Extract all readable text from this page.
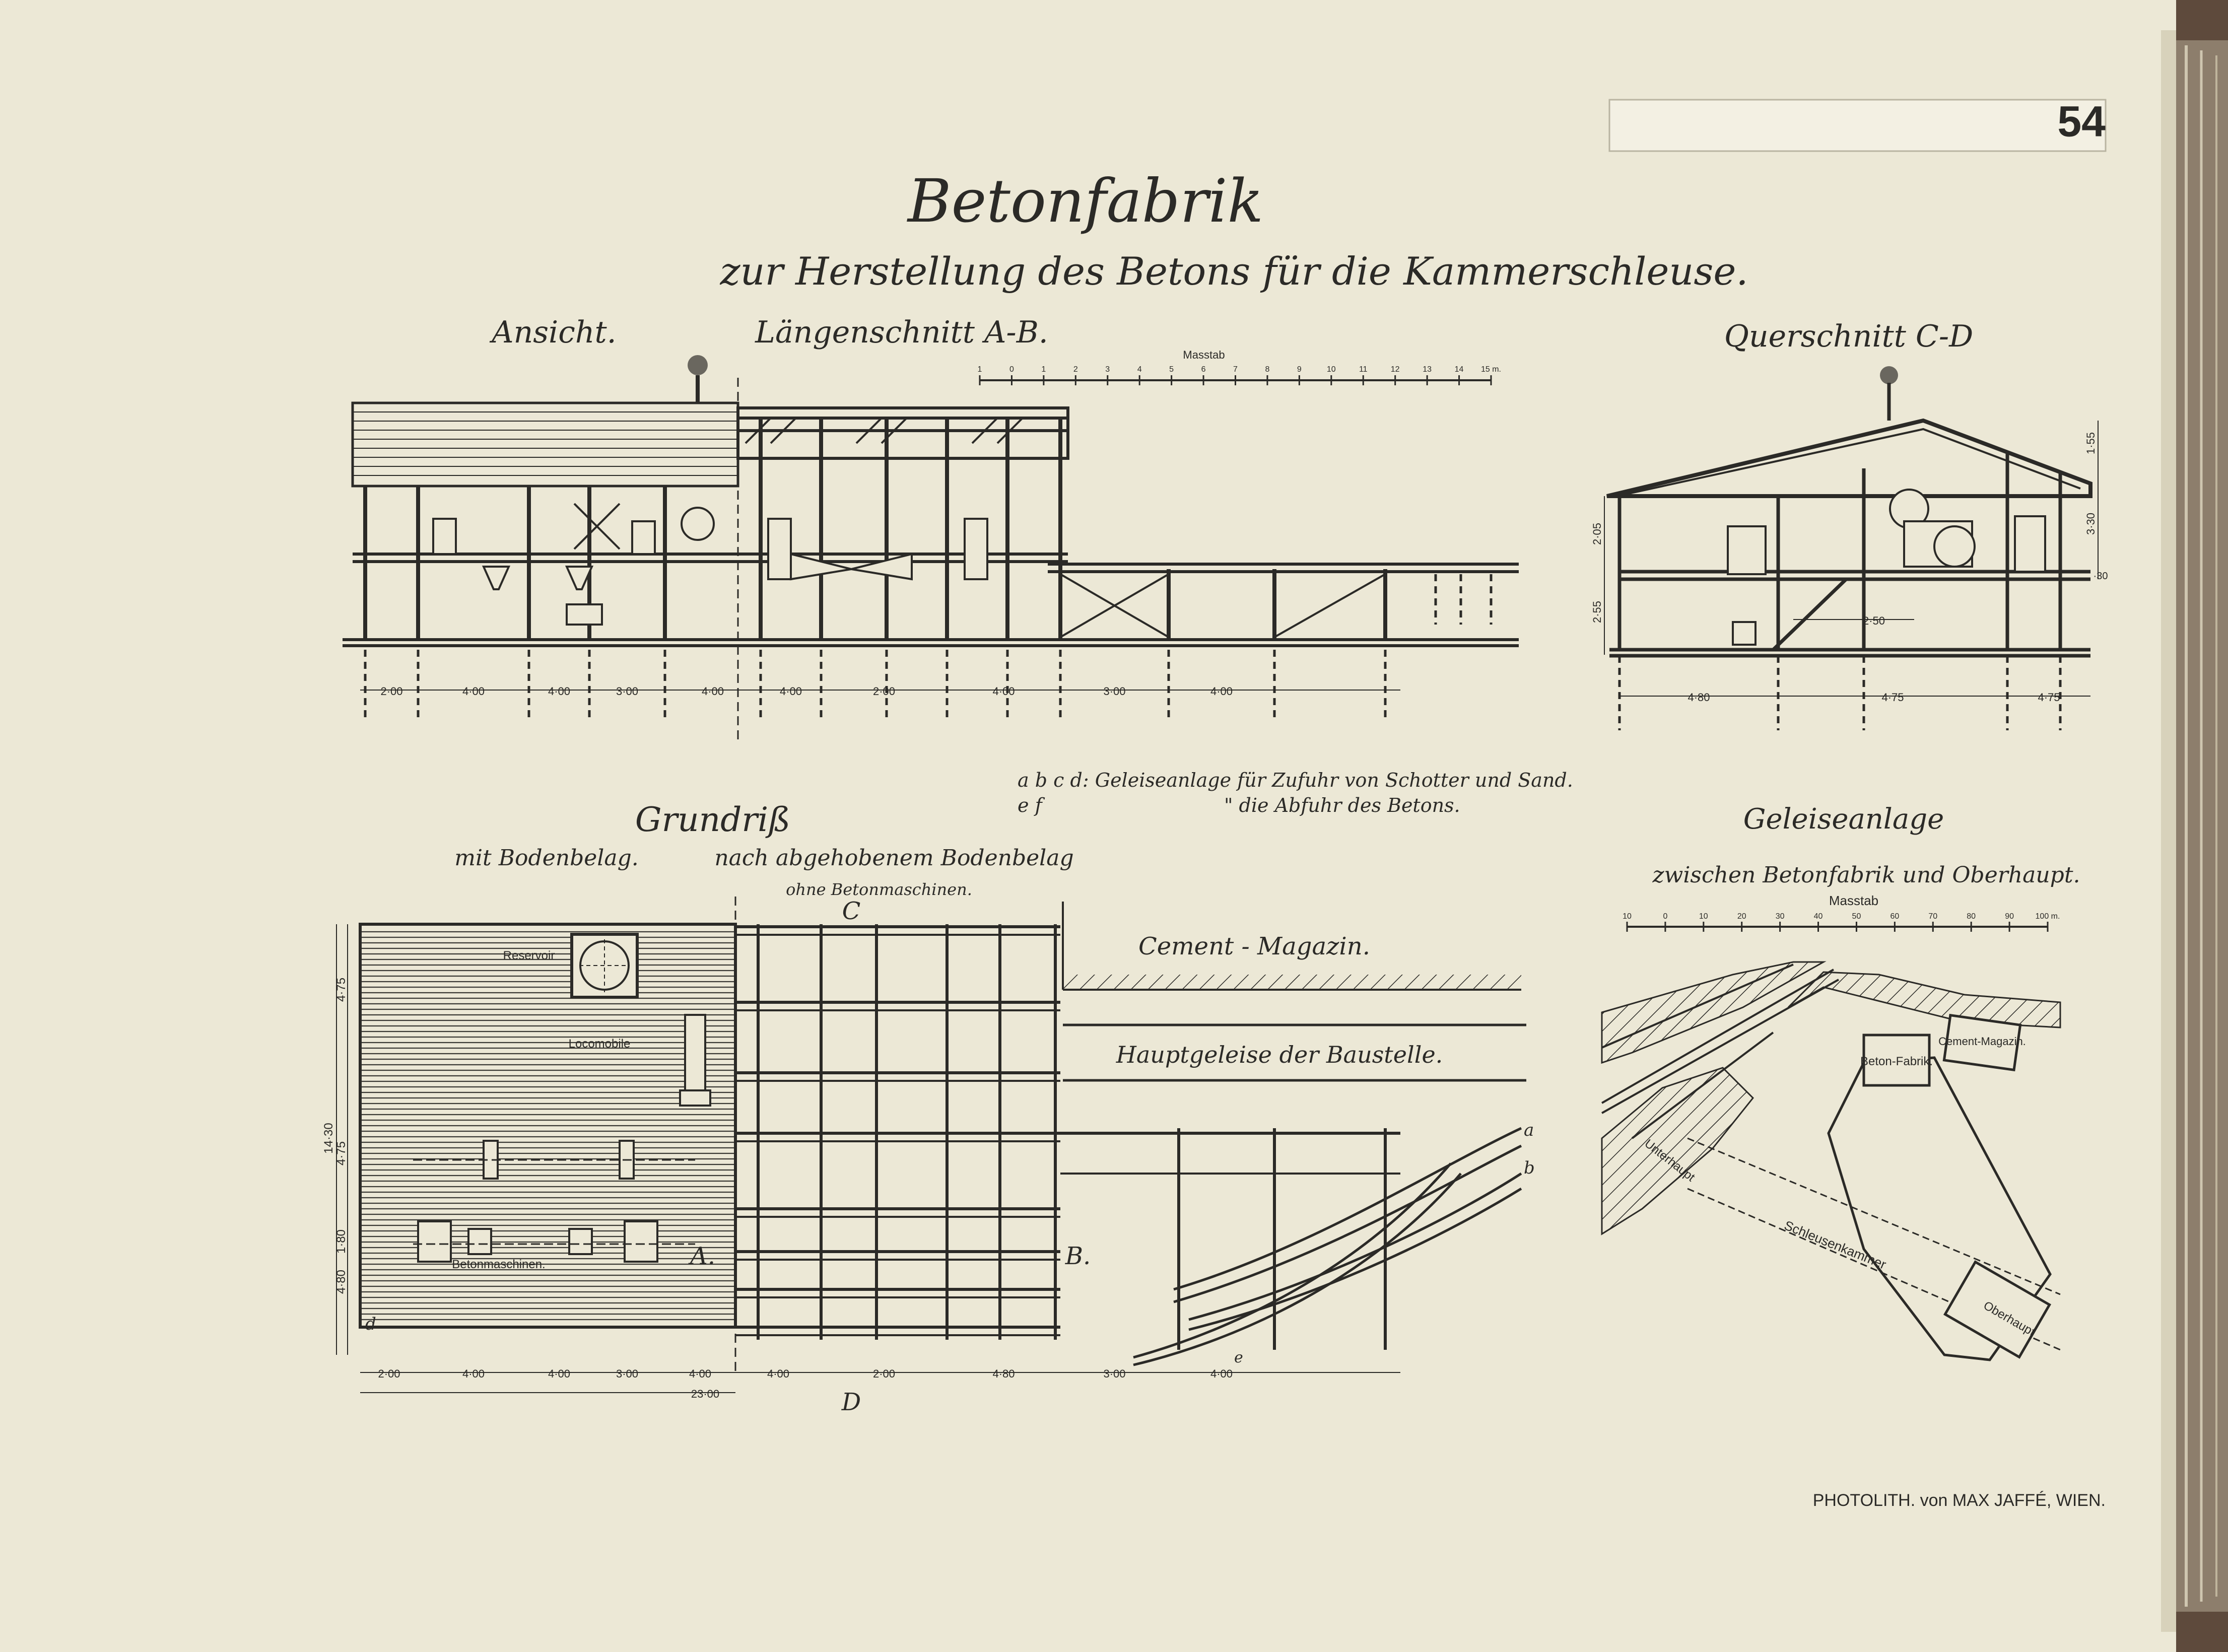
54
Betonfabrik
zur Herstellung des Betons für die Kammerschleuse.
Ansicht.	Längenschnitt A-B.
Masstab
1	0	1	2	3	4	5	6	7	8	9	10	11	12	13	14 15 m.
2·00	4·00	4·00	3·00	4·00	4·00	2·00	4·00	3·00	4·00
Querschnitt C-D
2·05
2·55
1·55
3·30
·30
2·50
4·80	4·75	4·75
a b c d: Geleiseanlage für Zufuhr von Schotter und Sand.
e f	" die Abfuhr des Betons.
Grundriß
mit Bodenbelag.	nach abgehobenem Bodenbelag
ohne Betonmaschinen.
Reservoir
Locomobile
Betonmaschinen.
Cement - Magazin.
Hauptgeleise der Baustelle.
a
b
d
e
A.	B.
C
D
4·75
14·30
4·75
1·80
4·80
2·00	4·00	4·00	3·00	4·00	4·00	2·00	4·80	3·00	4·00
23·00
Geleiseanlage
zwischen Betonfabrik und Oberhaupt.
Masstab
10	0	10	20	30	40	50	60	70	80	90	100 m.
Beton-Fabrik.
Cement-Magazin.
Unterhaupt
Schleusenkammer
Oberhaupt
PHOTOLITH. von MAX JAFFÉ, WIEN.
